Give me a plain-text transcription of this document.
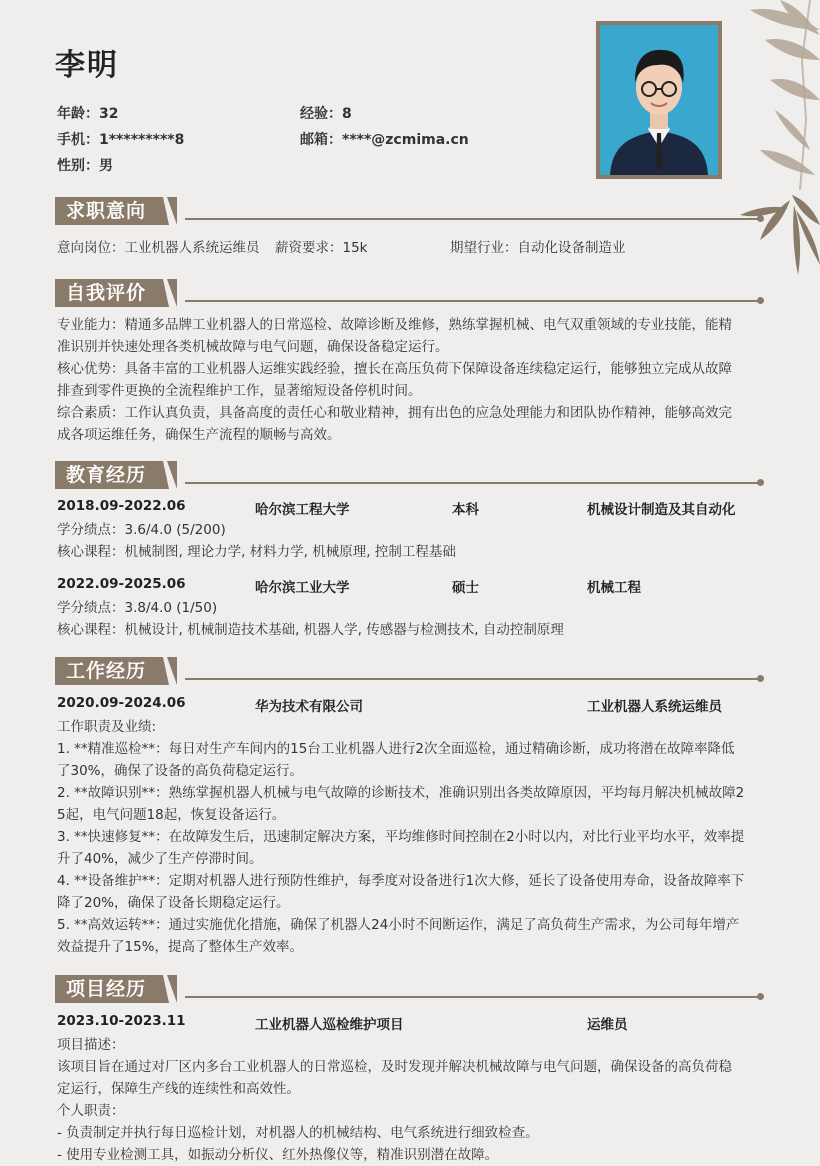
李明
年龄：32	经验：8
手机：1*********8	邮箱：****@zcmima.cn
性别：男
求职意向
意向岗位：工业机器人系统运维员 薪资要求：15k	期望行业：自动化设备制造业
自我评价
专业能力：精通多品牌工业机器人的日常巡检、故障诊断及维修，熟练掌握机械、电气双重领域的专业技能，能精
准识别并快速处理各类机械故障与电气问题，确保设备稳定运行。
核心优势：具备丰富的工业机器人运维实践经验，擅长在高压负荷下保障设备连续稳定运行，能够独立完成从故障
排查到零件更换的全流程维护工作，显著缩短设备停机时间。
综合素质：工作认真负责，具备高度的责任心和敬业精神，拥有出色的应急处理能力和团队协作精神，能够高效完
成各项运维任务，确保生产流程的顺畅与高效。
教育经历
2018.09-2022.06	哈尔滨工程大学	本科	机械设计制造及其自动化
学分绩点：3.6/4.0 (5/200)
核心课程：机械制图, 理论力学, 材料力学, 机械原理, 控制工程基础
2022.09-2025.06	哈尔滨工业大学	硕士	机械工程
学分绩点：3.8/4.0 (1/50)
核心课程：机械设计, 机械制造技术基础, 机器人学, 传感器与检测技术, 自动控制原理
工作经历
2020.09-2024.06	华为技术有限公司	工业机器人系统运维员
工作职责及业绩:
1. **精准巡检**：每日对生产车间内的15台工业机器人进行2次全面巡检，通过精确诊断，成功将潜在故障率降低
了30%，确保了设备的高负荷稳定运行。
2. **故障识别**：熟练掌握机器人机械与电气故障的诊断技术，准确识别出各类故障原因，平均每月解决机械故障2
5起，电气问题18起，恢复设备运行。
3. **快速修复**：在故障发生后，迅速制定解决方案，平均维修时间控制在2小时以内，对比行业平均水平，效率提
升了40%，减少了生产停滞时间。
4. **设备维护**：定期对机器人进行预防性维护，每季度对设备进行1次大修，延长了设备使用寿命，设备故障率下
降了20%，确保了设备长期稳定运行。
5. **高效运转**：通过实施优化措施，确保了机器人24小时不间断运作，满足了高负荷生产需求，为公司每年增产
效益提升了15%，提高了整体生产效率。
项目经历
2023.10-2023.11	工业机器人巡检维护项目	运维员
项目描述：
该项目旨在通过对厂区内多台工业机器人的日常巡检，及时发现并解决机械故障与电气问题，确保设备的高负荷稳
定运行，保障生产线的连续性和高效性。
个人职责：
- 负责制定并执行每日巡检计划，对机器人的机械结构、电气系统进行细致检查。
- 使用专业检测工具，如振动分析仪、红外热像仪等，精准识别潜在故障。
